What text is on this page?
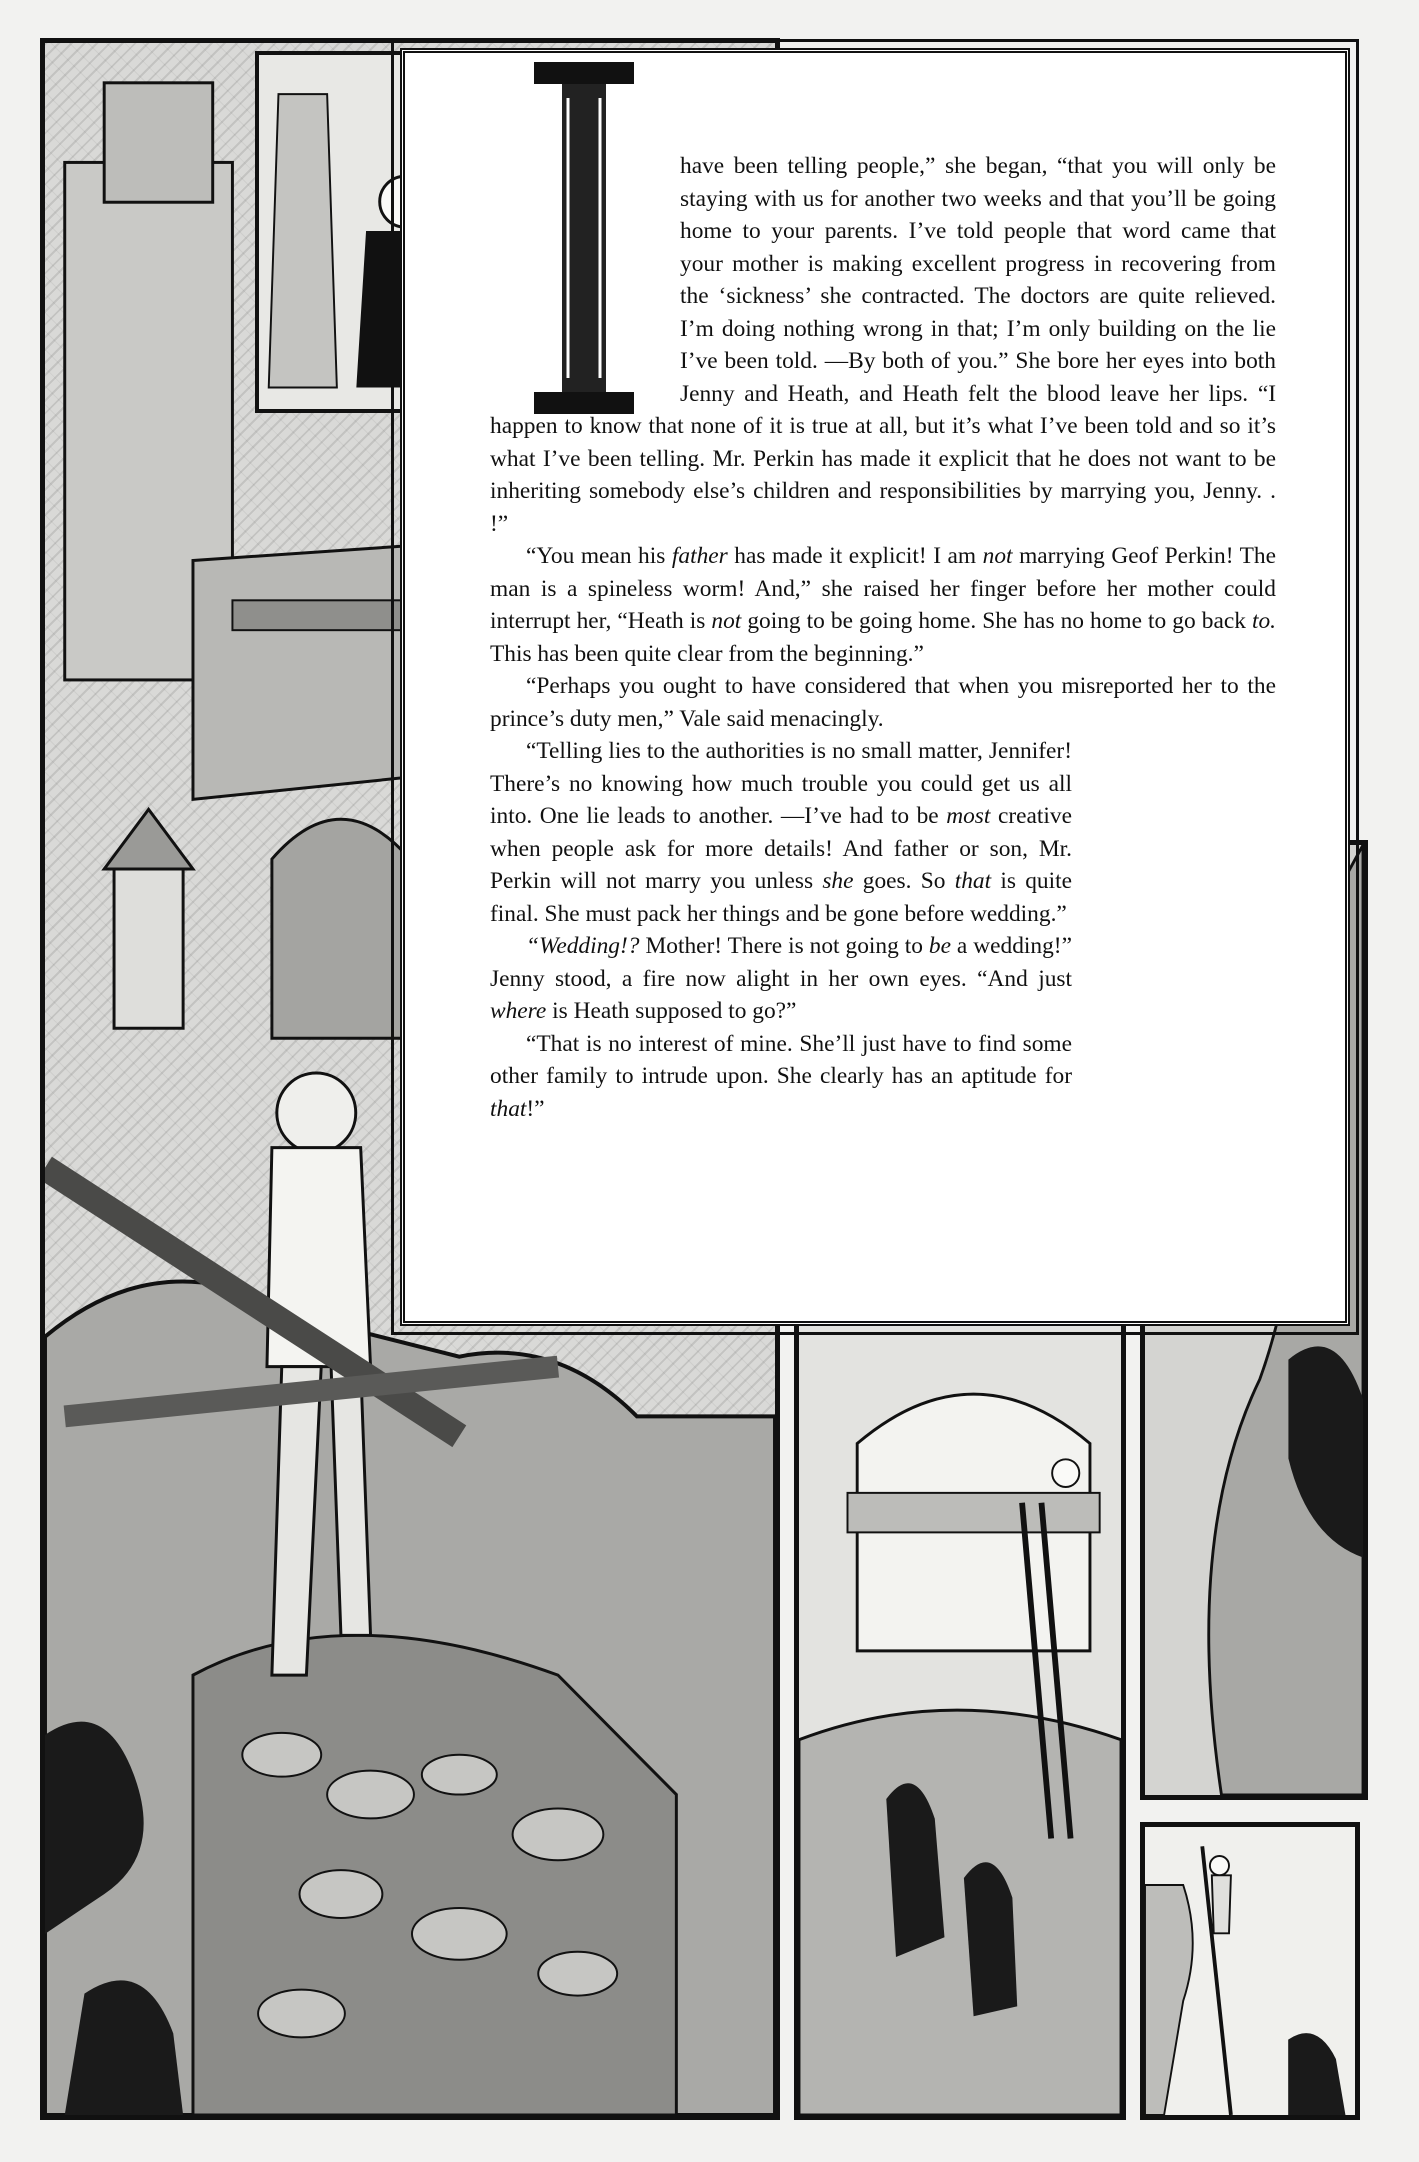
have been telling people,” she began, “that you will only be staying with us for another two weeks and that you’ll be going home to your parents. I’ve told people that word came that your mother is making excellent progress in recovering from the ‘sickness’ she contracted. The doctors are quite relieved. I’m doing nothing wrong in that; I’m only building on the lie I’ve been told. —By both of you.” She bore her eyes into both Jenny and Heath, and Heath felt the blood leave her lips. “I happen to know that none of it is true at all, but it’s what I’ve been told and so it’s what I’ve been telling. Mr. Perkin has made it explicit that he does not want to be inheriting somebody else’s children and responsibilities by marrying you, Jenny. . !”

“You mean his father has made it explicit! I am not marrying Geof Perkin! The man is a spineless worm! And,” she raised her finger before her mother could interrupt her, “Heath is not going to be going home. She has no home to go back to. This has been quite clear from the beginning.”

“Perhaps you ought to have considered that when you misreported her to the prince’s duty men,” Vale said menacingly.

“Telling lies to the authorities is no small matter, Jennifer! There’s no knowing how much trouble you could get us all into. One lie leads to another. —I’ve had to be most creative when people ask for more details! And father or son, Mr. Perkin will not marry you unless she goes. So that is quite final. She must pack her things and be gone before wedding.”

“Wedding!? Mother! There is not going to be a wedding!” Jenny stood, a fire now alight in her own eyes. “And just where is Heath supposed to go?”

“That is no interest of mine. She’ll just have to find some other family to intrude upon. She clearly has an aptitude for that!”
